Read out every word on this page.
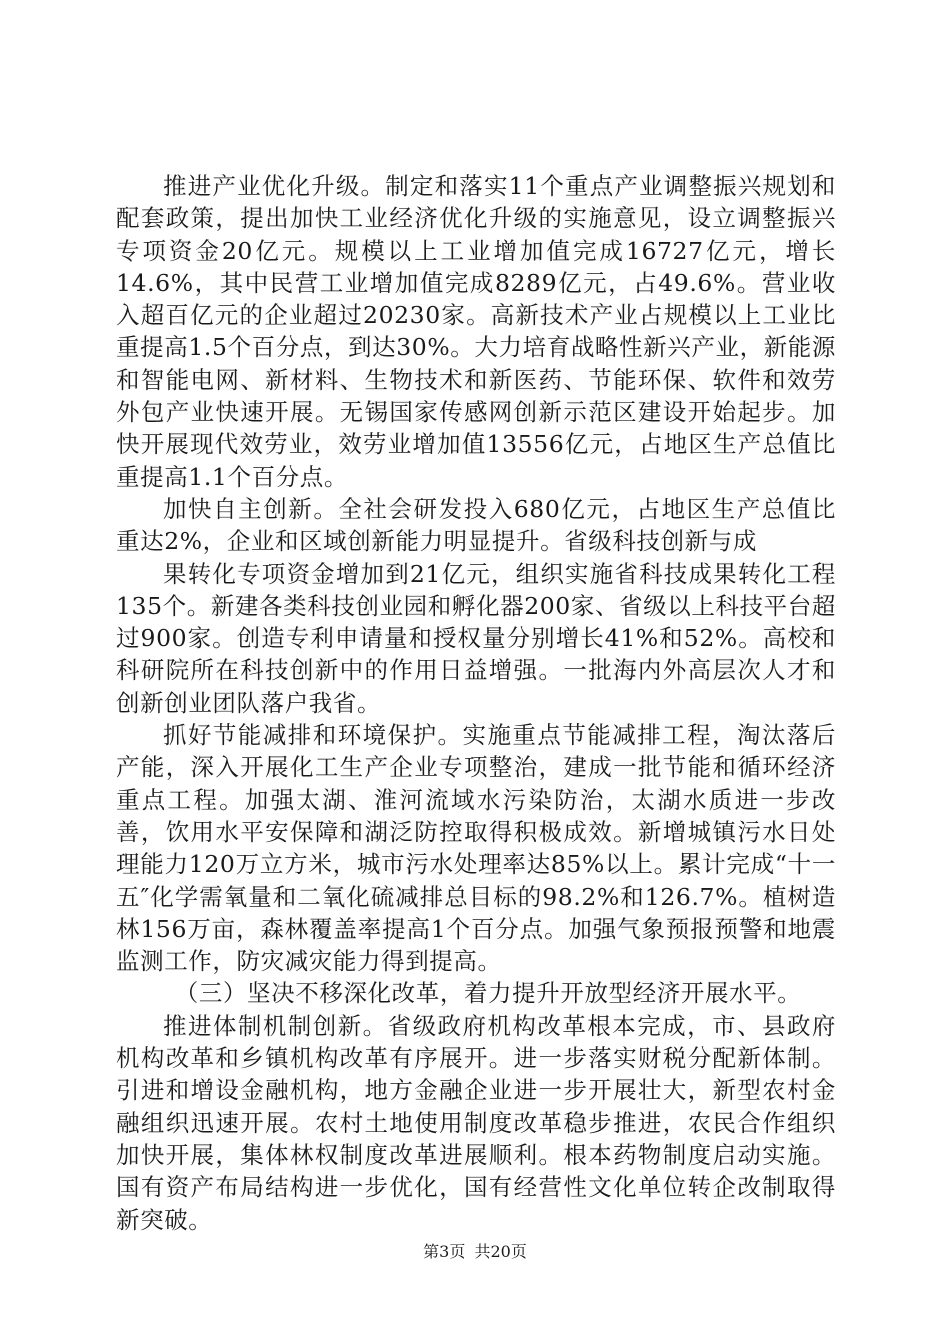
推进产业优化升级。制定和落实11个重点产业调整振兴规划和配套政策，提出加快工业经济优化升级的实施意见，设立调整振兴专项资金20亿元。规模以上工业增加值完成16727亿元，增长14.6%，其中民营工业增加值完成8289亿元，占49.6%。营业收入超百亿元的企业超过20230家。高新技术产业占规模以上工业比重提高1.5个百分点，到达30%。大力培育战略性新兴产业，新能源和智能电网、新材料、生物技术和新医药、节能环保、软件和效劳外包产业快速开展。无锡国家传感网创新示范区建设开始起步。加快开展现代效劳业，效劳业增加值13556亿元，占地区生产总值比重提高1.1个百分点。

加快自主创新。全社会研发投入680亿元，占地区生产总值比重达2%，企业和区域创新能力明显提升。省级科技创新与成

果转化专项资金增加到21亿元，组织实施省科技成果转化工程135个。新建各类科技创业园和孵化器200家、省级以上科技平台超过900家。创造专利申请量和授权量分别增长41%和52%。高校和科研院所在科技创新中的作用日益增强。一批海内外高层次人才和创新创业团队落户我省。

抓好节能减排和环境保护。实施重点节能减排工程，淘汰落后产能，深入开展化工生产企业专项整治，建成一批节能和循环经济重点工程。加强太湖、淮河流域水污染防治，太湖水质进一步改善，饮用水平安保障和湖泛防控取得积极成效。新增城镇污水日处理能力120万立方米，城市污水处理率达85%以上。累计完成“十一五″化学需氧量和二氧化硫减排总目标的98.2%和126.7%。植树造林156万亩，森林覆盖率提高1个百分点。加强气象预报预警和地震监测工作，防灾减灾能力得到提高。

（三）坚决不移深化改革，着力提升开放型经济开展水平。

推进体制机制创新。省级政府机构改革根本完成，市、县政府机构改革和乡镇机构改革有序展开。进一步落实财税分配新体制。引进和增设金融机构，地方金融企业进一步开展壮大，新型农村金融组织迅速开展。农村土地使用制度改革稳步推进，农民合作组织加快开展，集体林权制度改革进展顺利。根本药物制度启动实施。国有资产布局结构进一步优化，国有经营性文化单位转企改制取得新突破。

第3页 共20页
